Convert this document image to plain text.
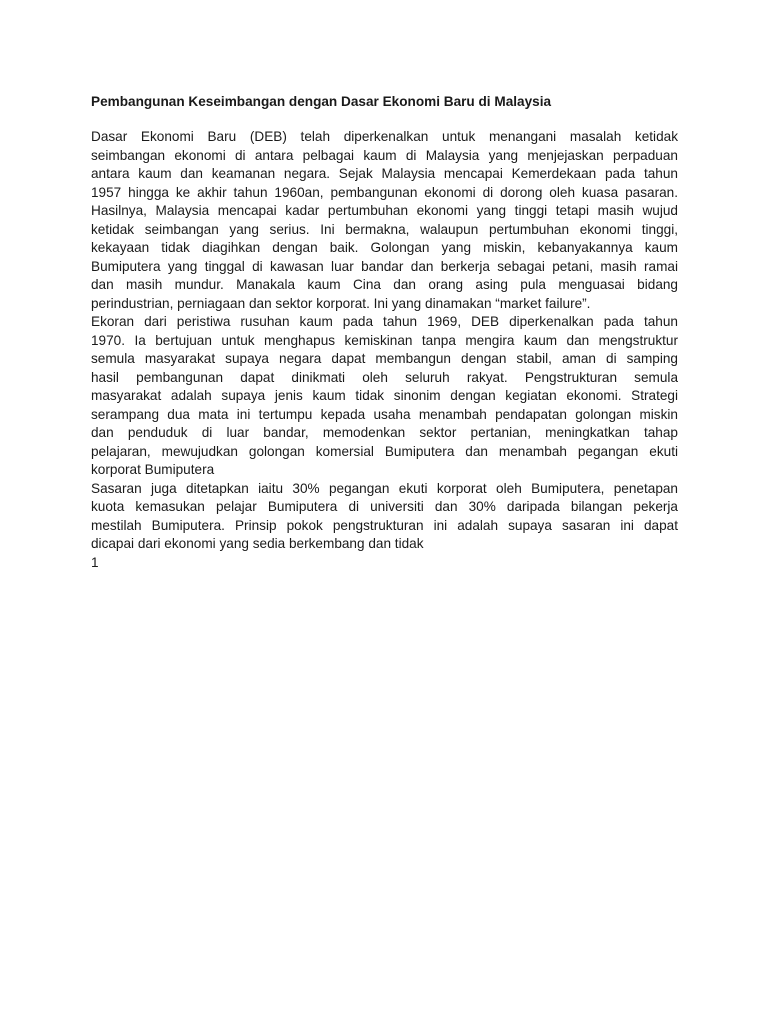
Pembangunan Keseimbangan dengan Dasar Ekonomi Baru di Malaysia
Dasar Ekonomi Baru (DEB) telah diperkenalkan untuk menangani masalah ketidak
seimbangan ekonomi di antara pelbagai kaum di Malaysia yang menjejaskan perpaduan
antara kaum dan keamanan negara. Sejak Malaysia mencapai Kemerdekaan pada tahun
1957 hingga ke akhir tahun 1960an, pembangunan ekonomi di dorong oleh kuasa pasaran.
Hasilnya, Malaysia mencapai kadar pertumbuhan ekonomi yang tinggi tetapi masih wujud
ketidak seimbangan yang serius. Ini bermakna, walaupun pertumbuhan ekonomi tinggi,
kekayaan tidak diagihkan dengan baik. Golongan yang miskin, kebanyakannya kaum
Bumiputera yang tinggal di kawasan luar bandar dan berkerja sebagai petani, masih ramai
dan masih mundur. Manakala kaum Cina dan orang asing pula menguasai bidang
perindustrian, perniagaan dan sektor korporat. Ini yang dinamakan “market failure”.
Ekoran dari peristiwa rusuhan kaum pada tahun 1969, DEB diperkenalkan pada tahun
1970. Ia bertujuan untuk menghapus kemiskinan tanpa mengira kaum dan mengstruktur
semula masyarakat supaya negara dapat membangun dengan stabil, aman di samping
hasil pembangunan dapat dinikmati oleh seluruh rakyat. Pengstrukturan semula
masyarakat adalah supaya jenis kaum tidak sinonim dengan kegiatan ekonomi. Strategi
serampang dua mata ini tertumpu kepada usaha menambah pendapatan golongan miskin
dan penduduk di luar bandar, memodenkan sektor pertanian, meningkatkan tahap
pelajaran, mewujudkan golongan komersial Bumiputera dan menambah pegangan ekuti
korporat Bumiputera
Sasaran juga ditetapkan iaitu 30% pegangan ekuti korporat oleh Bumiputera, penetapan
kuota kemasukan pelajar Bumiputera di universiti dan 30% daripada bilangan pekerja
mestilah Bumiputera. Prinsip pokok pengstrukturan ini adalah supaya sasaran ini dapat
dicapai dari ekonomi yang sedia berkembang dan tidak
1
